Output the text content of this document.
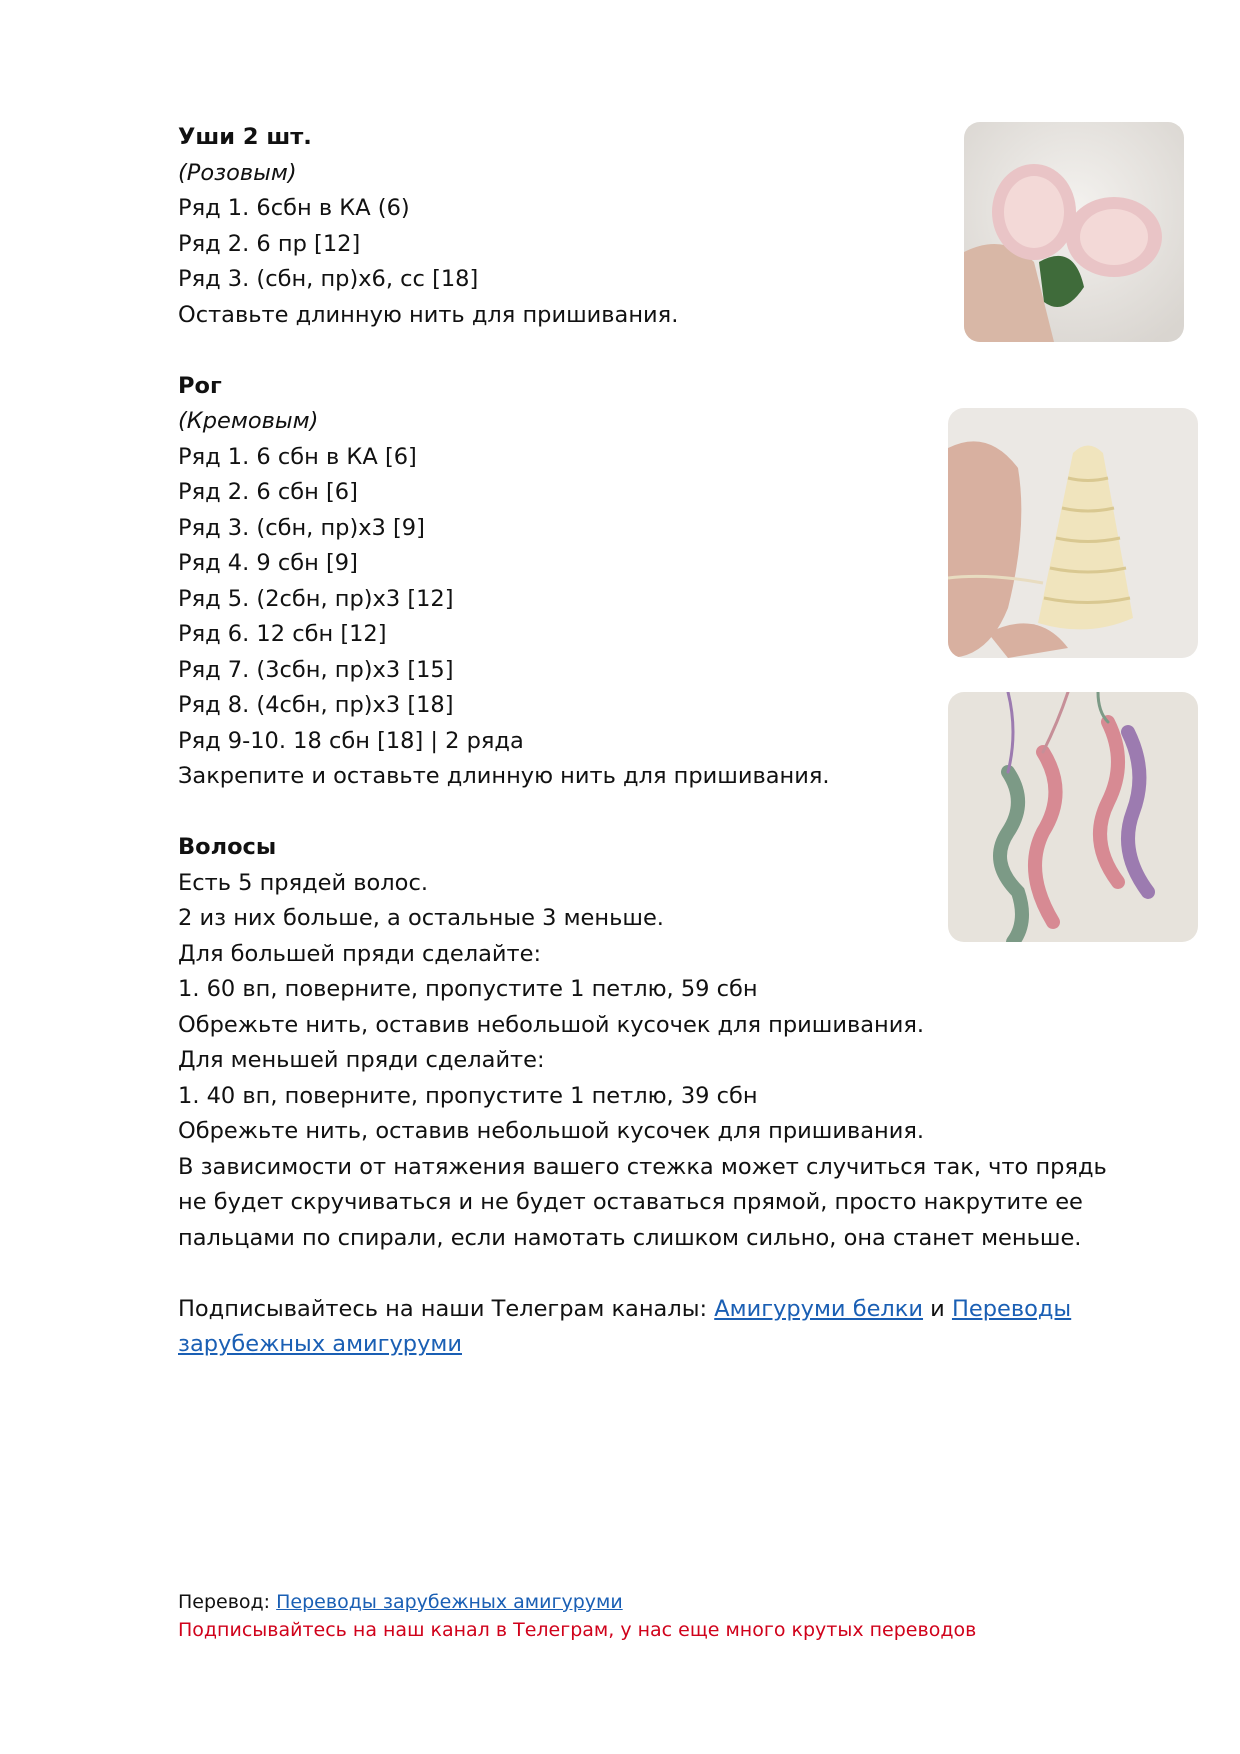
Уши 2 шт.

(Розовым)

Ряд 1. 6сбн в КА (6)

Ряд 2. 6 пр [12]

Ряд 3. (сбн, пр)х6, сс [18]

Оставьте длинную нить для пришивания.

Рог

(Кремовым)

Ряд 1. 6 сбн в КА [6]

Ряд 2. 6 сбн [6]

Ряд 3. (сбн, пр)х3 [9]

Ряд 4. 9 сбн [9]

Ряд 5. (2сбн, пр)х3 [12]

Ряд 6. 12 сбн [12]

Ряд 7. (3сбн, пр)х3 [15]

Ряд 8. (4сбн, пр)х3 [18]

Ряд 9-10. 18 сбн [18] | 2 ряда

Закрепите и оставьте длинную нить для пришивания.

Волосы

Есть 5 прядей волос.

2 из них больше, а остальные 3 меньше.

Для большей пряди сделайте:

1. 60 вп, поверните, пропустите 1 петлю, 59 сбн

Обрежьте нить, оставив небольшой кусочек для пришивания.

Для меньшей пряди сделайте:

1. 40 вп, поверните, пропустите 1 петлю, 39 сбн

Обрежьте нить, оставив небольшой кусочек для пришивания.

В зависимости от натяжения вашего стежка может случиться так, что прядь

не будет скручиваться и не будет оставаться прямой, просто накрутите ее

пальцами по спирали, если намотать слишком сильно, она станет меньше.

Подписывайтесь на наши Телеграм каналы: Амигуруми белки и Переводы

зарубежных амигуруми

Перевод: Переводы зарубежных амигуруми
Подписывайтесь на наш канал в Телеграм, у нас еще много крутых переводов
